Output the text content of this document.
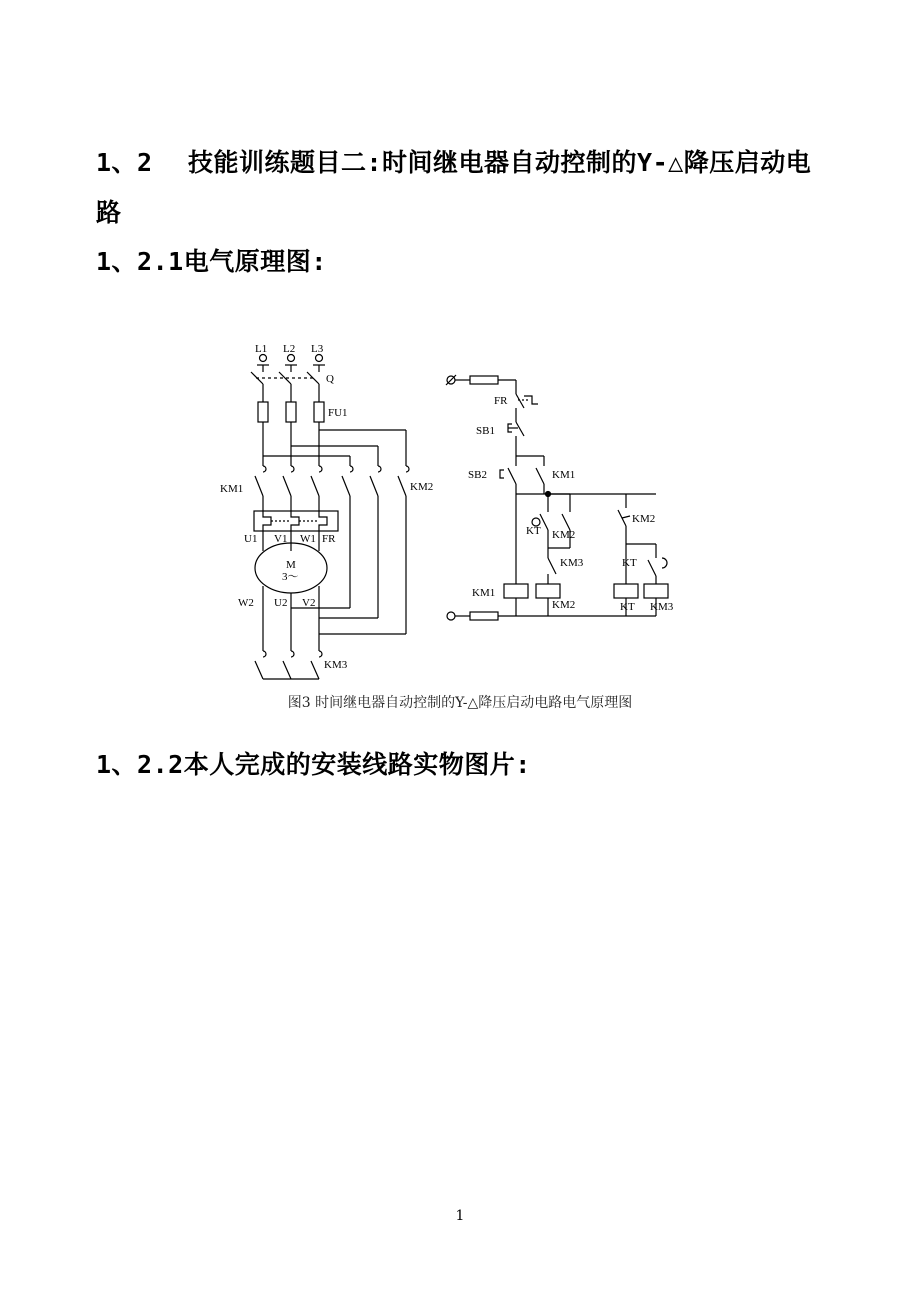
1、2 技能训练题目二:时间继电器自动控制的Y-△降压启动电路
1、2.1电气原理图:
L1 L2 L3
Q
FU1
KM1	KM2
U1 V1 W1 FR
M
3～
W2 U2 V2
KM3
FR
SB1
SB2	KM1
KT KM2
KM3
KM2
KT
KM1
KM2	KT KM3
图3 时间继电器自动控制的Y-△降压启动电路电气原理图
1、2.2本人完成的安装线路实物图片:
1
